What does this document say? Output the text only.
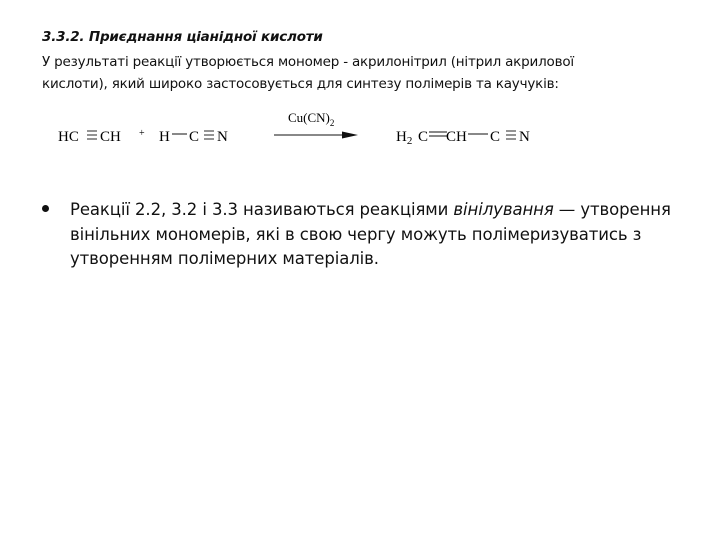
3.3.2. Приєднання ціанідної кислоти
У результаті реакції утворюється мономер - акрилонітрил (нітрил акрилової кислоти), який широко застосовується для синтезу полімерів та каучуків:
HC CH + H C N
$Cu(CN)_2$
$H_2$ C CH C N
Реакції 2.2, 3.2 і 3.3 називаються реакціями вінілування — утворення вінільних мономерів, які в свою чергу можуть полімеризуватись з утворенням полімерних матеріалів.
